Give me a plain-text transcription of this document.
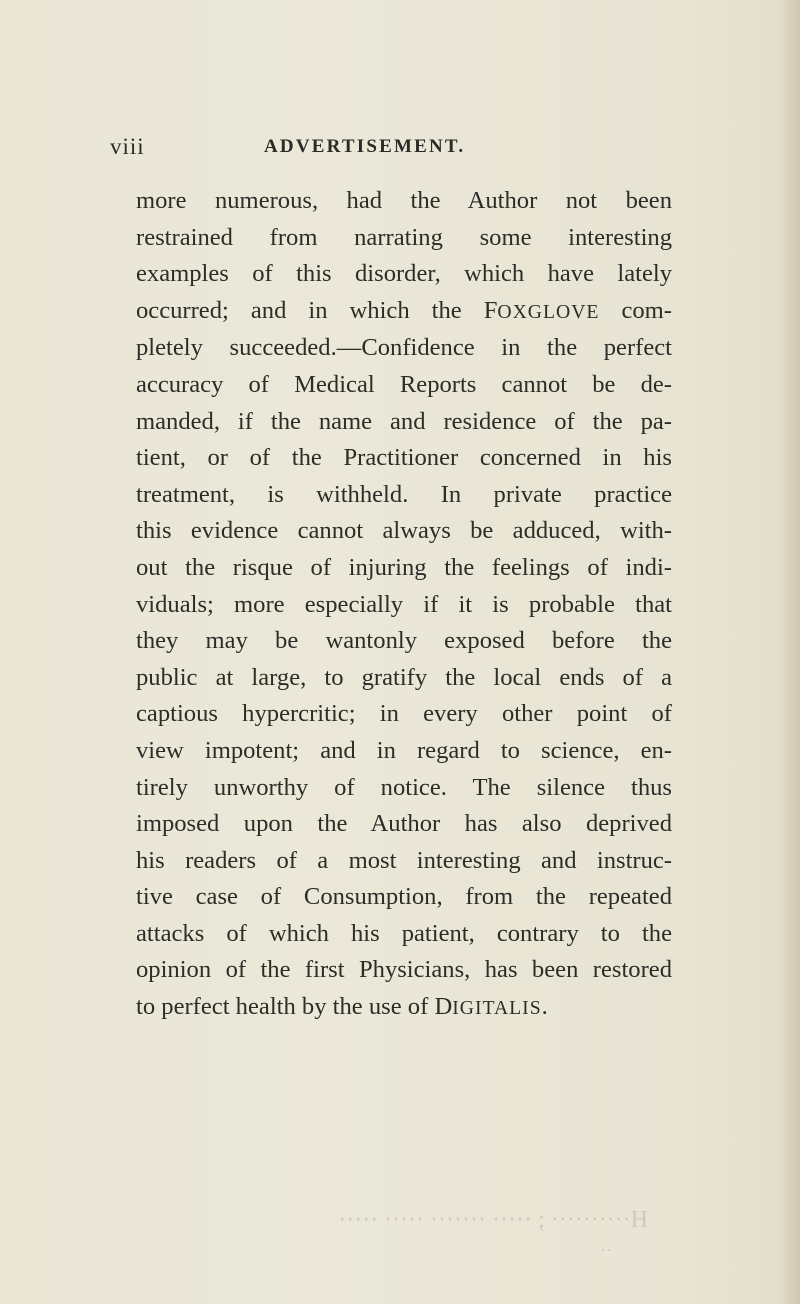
viii	ADVERTISEMENT.
more numerous, had the Author not been
restrained from narrating some interesting
examples of this disorder, which have lately
occurred; and in which the FOXGLOVE com-
pletely succeeded.—Confidence in the perfect
accuracy of Medical Reports cannot be de-
manded, if the name and residence of the pa-
tient, or of the Practitioner concerned in his
treatment, is withheld. In private practice
this evidence cannot always be adduced, with-
out the risque of injuring the feelings of indi-
viduals; more especially if it is probable that
they may be wantonly exposed before the
public at large, to gratify the local ends of a
captious hypercritic; in every other point of
view impotent; and in regard to science, en-
tirely unworthy of notice. The silence thus
imposed upon the Author has also deprived
his readers of a most interesting and instruc-
tive case of Consumption, from the repeated
attacks of which his patient, contrary to the
opinion of the first Physicians, has been restored
to perfect health by the use of DIGITALIS.
H·········· ; ····· ······· ····· ·····
··
